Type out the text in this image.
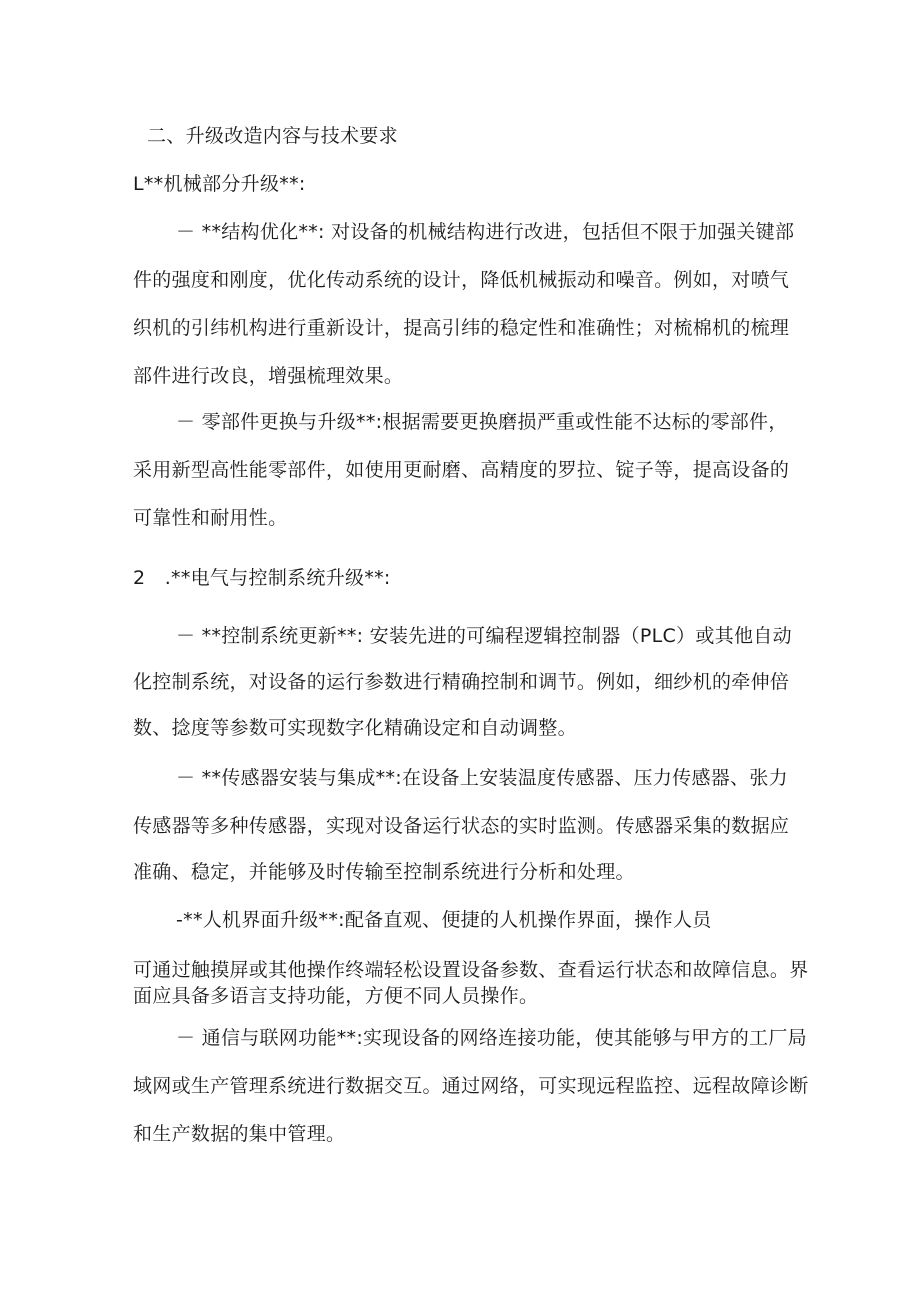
二、升级改造内容与技术要求
L**机械部分升级**:
－ **结构优化**: 对设备的机械结构进行改进，包括但不限于加强关键部
件的强度和刚度，优化传动系统的设计，降低机械振动和噪音。例如，对喷气
织机的引纬机构进行重新设计，提高引纬的稳定性和准确性；对梳棉机的梳理
部件进行改良，增强梳理效果。
－ 零部件更换与升级**:根据需要更换磨损严重或性能不达标的零部件，
采用新型高性能零部件，如使用更耐磨、高精度的罗拉、锭子等，提高设备的
可靠性和耐用性。
2　.**电气与控制系统升级**:
－ **控制系统更新**: 安装先进的可编程逻辑控制器（PLC）或其他自动
化控制系统，对设备的运行参数进行精确控制和调节。例如，细纱机的牵伸倍
数、捻度等参数可实现数字化精确设定和自动调整。
－ **传感器安装与集成**:在设备上安装温度传感器、压力传感器、张力
传感器等多种传感器，实现对设备运行状态的实时监测。传感器采集的数据应
准确、稳定，并能够及时传输至控制系统进行分析和处理。
-**人机界面升级**:配备直观、便捷的人机操作界面，操作人员
可通过触摸屏或其他操作终端轻松设置设备参数、查看运行状态和故障信息。界
面应具备多语言支持功能，方便不同人员操作。
－ 通信与联网功能**:实现设备的网络连接功能，使其能够与甲方的工厂局
域网或生产管理系统进行数据交互。通过网络，可实现远程监控、远程故障诊断
和生产数据的集中管理。
